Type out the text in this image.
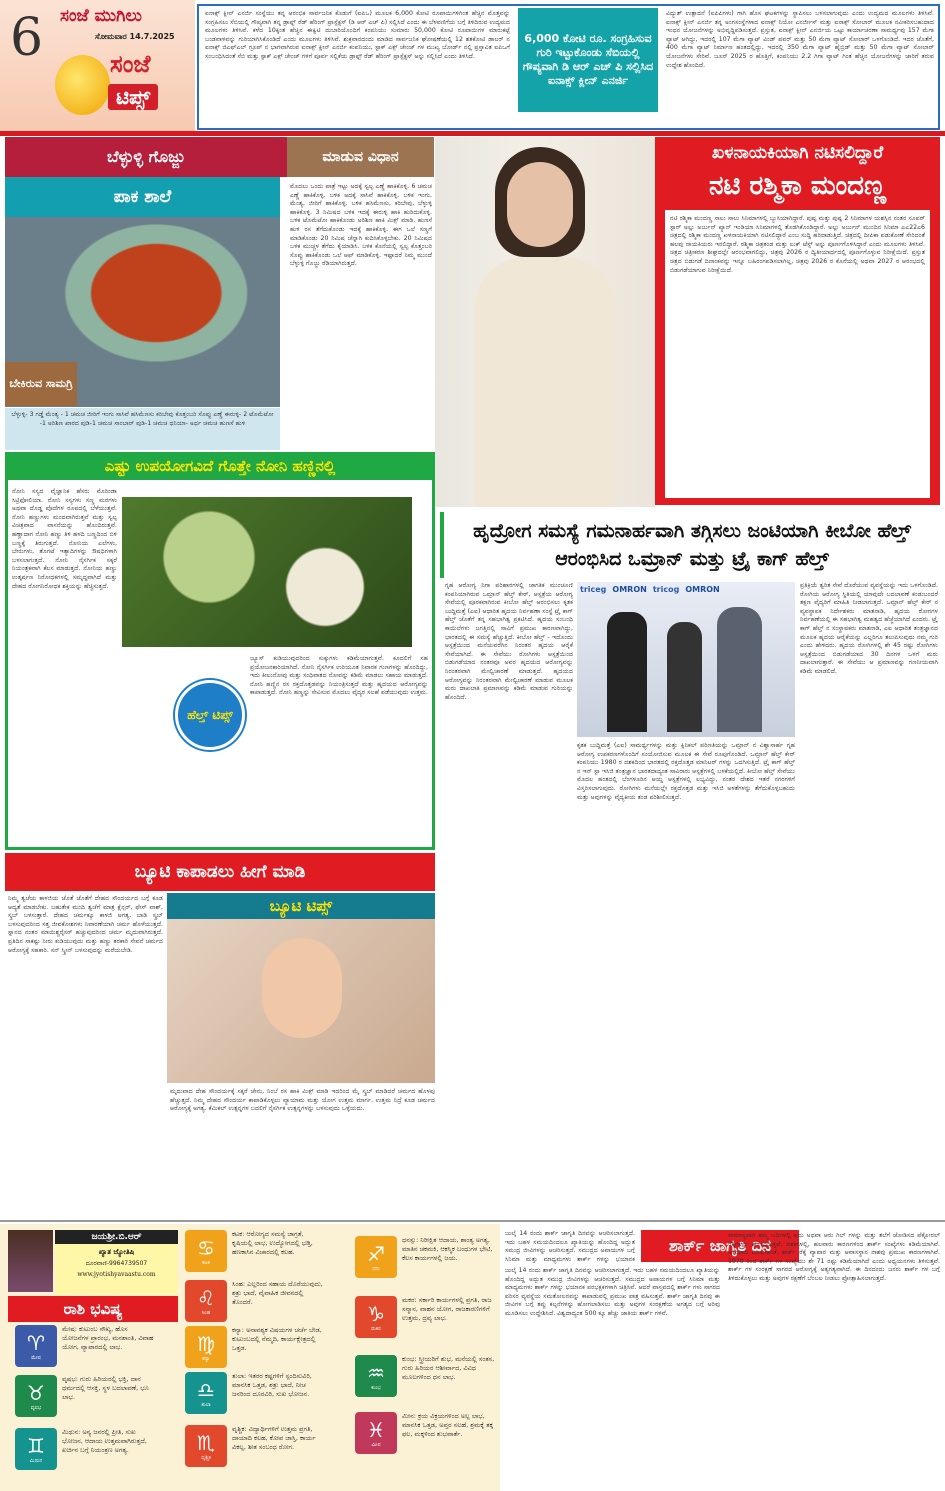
6 ಸಂಜೆ ಮುಗಿಲು
ಸೋಮವಾರ 14.7.2025
ಸಂಜೆ
ಟಿಪ್ಸ್
ಐನಾಕ್ಸ್ ಕ್ಲೀನ್ ಎನರ್ಜಿ ಸಂಸ್ಥೆಯು ತನ್ನ ಆರಂಭಿಕ ಸಾರ್ವಜನಿಕ ಕೊಡುಗೆ (ಐಪಿಒ) ಮೂಲಕ 6,000 ಕೋಟಿ ರೂಪಾಯಿಗಳಿಗಿಂತ ಹೆಚ್ಚಿನ ಮೊತ್ತವನ್ನು ಸಂಗ್ರಹಿಸಲು ಸೆಬಿಯಲ್ಲಿ ಗೌಪ್ಯವಾಗಿ ತನ್ನ ಡ್ರಾಫ್ಟ್ ರೆಡ್ ಹೆರಿಂಗ್ ಪ್ರಾಸ್ಪೆಕ್ಟಸ್ (ಡಿ ಆರ್ ಎಚ್ ಪಿ) ಸಲ್ಲಿಸಿದೆ ಎಂದು ಈ ಬೆಳವಣಿಗೆಯ ಬಗ್ಗೆ ತಿಳಿದಿರುವ ಉದ್ಯಮದ ಮೂಲಗಳು ತಿಳಿಸಿವೆ. ಕಳೆದ 10ಕ್ಕಿಂತ ಹೆಚ್ಚಿನ ಈಕ್ವಿಟಿ ದುಬಾರಿಯೊಂದಿಗೆ ಕಂಪನಿಯು ಸುಮಾರು 50,000 ಕೋಟಿ ರೂಪಾಯಿಗಳ ಮಾರುಕಟ್ಟೆ ಬಂಡವಾಳವನ್ನು ಗುರಿಯಾಗಿಸಿಕೊಂಡಿದೆ ಎಂದು ಮೂಲಗಳು ತಿಳಿಸಿವೆ. ಶುಕ್ರವಾರದಂದು ಮಾಡಿದ ಸಾರ್ವಜನಿಕ ಘೋಷಣೆಯಲ್ಲಿ 12 ಶತಕೋಟಿ ಡಾಲರ್ ನ ಐನಾಕ್ಸ್ ಜಿಎಫ್ಎಲ್ ಗ್ರೂಪ್ ನ ಭಾಗವಾಗಿರುವ ಐನಾಕ್ಸ್ ಕ್ಲೀನ್ ಎನರ್ಜಿ ಕಂಪನಿಯು, ಸ್ಟಾಕ್ ಎಕ್ಸ್ ಚೇಂಜ್ ಗಳ ಮುಖ್ಯ ಬೋರ್ಡ್ ನಲ್ಲಿ ಪ್ರಸ್ತಾವಿತ ಐಪಿಒಗೆ ಸಂಬಂಧಿಸಿದಂತೆ ಸೆಬಿ ಮತ್ತು ಸ್ಟಾಕ್ ಎಕ್ಸ್ ಚೇಂಜ್ ಗಳಿಗೆ ಪೂರ್ವ ಸಲ್ಲಿಕೆಯ ಡ್ರಾಫ್ಟ್ ರೆಡ್ ಹೆರಿಂಗ್ ಪ್ರಾಸ್ಪೆಕ್ಟಸ್ ಅನ್ನು ಸಲ್ಲಿಸಿದೆ ಎಂದು ತಿಳಿಸಿದೆ.
6,000 ಕೋಟಿ ರೂ. ಸಂಗ್ರಹಿಸುವ ಗುರಿ ಇಟ್ಟುಕೊಂಡು ಸೆಬಿಯಲ್ಲಿ ಗೌಪ್ಯವಾಗಿ ಡಿ ಆರ್ ಎಚ್ ಪಿ ಸಲ್ಲಿಸಿದ ಐನಾಕ್ಸ್ ಕ್ಲೀನ್ ಎನರ್ಜಿ
ವಿದ್ಯುತ್ ಉತ್ಪಾದನೆ (ಐಪಿಪಿಗಳು) ಗಾಗಿ ಹೊಸ ಘಟಕಗಳನ್ನು ಸ್ಥಾಪಿಸಲು ಬಳಸಲಾಗುವುದು ಎಂದು ಉದ್ಯಮದ ಮೂಲಗಳು ತಿಳಿಸಿವೆ. ಐನಾಕ್ಸ್ ಕ್ಲೀನ್ ಎನರ್ಜಿ ತನ್ನ ಅಂಗಸಂಸ್ಥೆಗಳಾದ ಐನಾಕ್ಸ್ ನಿಯೋ ಎನರ್ಜೀಸ್ ಮತ್ತು ಐನಾಕ್ಸ್ ಸೋಲಾರ್ ಮೂಲಕ ನವೀಕರಿಸಬಹುದಾದ ಇಂಧನ ಯೋಜನೆಗಳನ್ನು ಅಭಿವೃದ್ಧಿಪಡಿಸುತ್ತದೆ. ಪ್ರಸ್ತುತ, ಐನಾಕ್ಸ್ ಕ್ಲೀನ್ ಎನರ್ಜಿಯ ಒಟ್ಟು ಕಾರ್ಯಾಚರಣಾ ಸಾಮರ್ಥ್ಯವು 157 ಮೆಗಾ ವ್ಯಾಟ್ ಆಗಿದ್ದು, ಇದರಲ್ಲಿ 107 ಮೆಗಾ ವ್ಯಾಟ್ ವಿಂಡ್ ಪವರ್ ಮತ್ತು 50 ಮೆಗಾ ವ್ಯಾಟ್ ಸೋಲಾರ್ ಒಳಗೊಂಡಿದೆ. ಇದರ ಜೊತೆಗೆ, 400 ಮೆಗಾ ವ್ಯಾಟ್ ನಿರ್ಮಾಣ ಹಂತದಲ್ಲಿದ್ದು, ಇದರಲ್ಲಿ 350 ಮೆಗಾ ವ್ಯಾಟ್ ಹೈಬ್ರಿಡ್ ಮತ್ತು 50 ಮೆಗಾ ವ್ಯಾಟ್ ಸೋಲಾರ್ ಯೋಜನೆಗಳು ಸೇರಿವೆ. ಜೂನ್ 2025 ರ ಹೊತ್ತಿಗೆ, ಕಂಪನಿಯು 2.2 ಗಿಗಾ ವ್ಯಾಟ್ ಗಿಂತ ಹೆಚ್ಚಿನ ಯೋಜನೆಗಳನ್ನು ಜಾರಿಗೆ ತರುವ ಉದ್ದೇಶ ಹೊಂದಿದೆ.
ಬೆಳ್ಳುಳ್ಳಿ ಗೊಜ್ಜು	ಮಾಡುವ ವಿಧಾನ
ಪಾಕ ಶಾಲೆ
ಬೇಕಿರುವ ಸಾಮಗ್ರಿ
ಬೆಳ್ಳುಳ್ಳಿ- 3 ಗಡ್ಡೆ ಮೆಂತ್ಯ - 1 ಚಮಚ ಜೀರಿಗೆ ಇಂಗು ಸಾಸಿವೆ ಹಸಿಮೆಣಸು ಕರಿಬೇವು ಕೊತ್ತಂಬರಿ ಸೊಪ್ಪು ಎಣ್ಣೆ ಈರುಳ್ಳಿ- 2 ಟೊಮೆಟೋ -1 ಅರಿಶಿಣ ಖಾರದ ಪುಡಿ-1 ಚಮಚ ಸಾಂಬಾರ್ ಪುಡಿ-1 ಚಮಚ ಧನಿಯಾ- ಅರ್ಧ ಚಮಚ ಹುಣಸೆ ಹುಳಿ
ಮೊದಲು ಒಂದು ಪಾತ್ರೆ ಇಟ್ಟು ಅದಕ್ಕೆ ಸ್ವಲ್ಪ ಎಣ್ಣೆ ಹಾಕಿಕೊಳ್ಳಿ. 6 ಚಮಚ ಎಣ್ಣೆ ಹಾಕಿಕೊಳ್ಳಿ. ಬಳಿಕ ಅದಕ್ಕೆ ಸಾಸಿವೆ ಹಾಕಿಕೊಳ್ಳಿ. ಬಳಿಕ ಇಂಗು, ಮೆಂತ್ಯ, ಜೀರಿಗೆ ಹಾಕಿಕೊಳ್ಳಿ. ಬಳಿಕ ಹಸಿಮೆಣಸು, ಕರಿಬೇವು, ಬೆಳ್ಳುಳ್ಳಿ ಹಾಕಿಕೊಳ್ಳಿ. 3 ನಿಮಿಷದ ಬಳಿಕ ಇದಕ್ಕೆ ಈರುಳ್ಳಿ ಹಾಕಿ ಹುರಿದುಕೊಳ್ಳಿ. ಬಳಿಕ ಟೊಮೆಟೋ ಹಾಕಿಕೊಂಡು ಅರಿಶಿಣ ಹಾಕಿ ಮಿಕ್ಸ್ ಮಾಡಿ. ಹುಣಸೆ ಹುಳಿ ರಸ ತೆಗೆದುಕೊಂಡು ಇದಕ್ಕೆ ಹಾಕಿಕೊಳ್ಳಿ. ಈಗ ಒಲೆ ಸಣ್ಣಗೆ ಮಾಡಿಕೊಂಡು 20 ನಿಮಿಷ ಚೆನ್ನಾಗಿ ಕುದಿಸಿಕೊಳ್ಳಬೇಕು. 20 ನಿಮಿಷದ ಬಳಿಕ ಮುಚ್ಚಳ ತೆಗೆದು ಕೈಯಾಡಿಸಿ. ಬಳಿಕ ಕೊನೆಯಲ್ಲಿ ಸ್ವಲ್ಪ ಕೊತ್ತಂಬರಿ ಸೊಪ್ಪು ಹಾಕಿಕೊಂಡು ಒಲೆ ಆಫ್ ಮಾಡಿಕೊಳ್ಳಿ. ಇಷ್ಟಾದರೆ ನಿಮ್ಮ ಮುಂದೆ ಬೆಳ್ಳುಳ್ಳಿ ಗೊಜ್ಜು ರೆಡಿಯಾಗಿರುತ್ತದೆ.
ಖಳನಾಯಕಿಯಾಗಿ ನಟಿಸಲಿದ್ದಾರೆ
ನಟಿ ರಶ್ಮಿಕಾ ಮಂದಣ್ಣ
ನಟಿ ರಶ್ಮಿಕಾ ಮಂದಣ್ಣ ಸಾಲು ಸಾಲು ಸಿನಿಮಾಗಳಲ್ಲಿ ಬ್ಯುಸಿಯಾಗಿದ್ದಾರೆ. ಪುಷ್ಪ ಮತ್ತು ಪುಷ್ಪ 2 ಸಿನಿಮಾಗಳ ಯಶಸ್ಸಿನ ನಂತರ ಸೂಪರ್ ಸ್ಟಾರ್ ಅಲ್ಲು ಅರ್ಜುನ್ ಪ್ಯಾನ್ ಇಂಡಿಯಾ ಸಿನಿಮಾಗಳಲ್ಲಿ ತೊಡಗಿಕೊಂಡಿದ್ದಾರೆ. ಅಲ್ಲು ಅರ್ಜುನ್ ಮುಂದಿನ ಸಿನಿಮಾ ಎಎ22ಎ6 ಚಿತ್ರದಲ್ಲಿ ರಶ್ಮಿಕಾ ಮಂದಣ್ಣ ಖಳನಾಯಕಿಯಾಗಿ ನಟಿಸಲಿದ್ದಾರೆ ಎಂಬ ಸುದ್ದಿ ಹರಿದಾಡುತ್ತಿದೆ. ಚಿತ್ರದಲ್ಲಿ ದೀಪಿಕಾ ಪಡುಕೋಣೆ ಸೇರಿದಂತೆ ಹಲವು ನಾಯಕಿಯರು ಇರಲಿದ್ದಾರೆ. ರಶ್ಮಿಕಾ ಚಿತ್ರತಂಡ ಮತ್ತು ಲುಕ್ ಟೆಸ್ಟ್ ಅನ್ನು ಪೂರ್ಣಗೊಳಿಸಿದ್ದಾರೆ ಎಂದು ಮೂಲಗಳು ತಿಳಿಸಿವೆ. ಚಿತ್ರದ ಚಿತ್ರೀಕರಣ ಶೀಘ್ರದಲ್ಲೇ ಆರಂಭವಾಗಲಿದ್ದು, ಚಿತ್ರವು 2026 ರ ದ್ವಿತೀಯಾರ್ಧದಲ್ಲಿ ಪೂರ್ಣಗೊಳ್ಳುವ ನಿರೀಕ್ಷೆಯಿದೆ. ಪ್ರಸ್ತುತ ಚಿತ್ರದ ಬಿಡುಗಡೆ ದಿನಾಂಕವನ್ನು ಇನ್ನೂ ಬಹಿರಂಗಪಡಿಸಲಾಗಿಲ್ಲ, ಚಿತ್ರವು 2026 ರ ಕೊನೆಯಲ್ಲಿ ಅಥವಾ 2027 ರ ಆರಂಭದಲ್ಲಿ ಬಿಡುಗಡೆಯಾಗುವ ನಿರೀಕ್ಷೆಯಿದೆ.
ಎಷ್ಟು ಉಪಯೋಗವಿದೆ ಗೊತ್ತೇ ನೋನಿ ಹಣ್ಣಿನಲ್ಲಿ
ನೋನಿ ಸಸ್ಯದ ವೈಜ್ಞಾನಿಕ ಹೆಸರು ಮೊರಿಂಡಾ ಸಿಟ್ರಿಫೋಲಿಯಾ. ನೋನಿ ಸಸ್ಯಗಳು ಸಣ್ಣ ಮರಗಳು ಅಥವಾ ದೊಡ್ಡ ಪೊದೆಗಳ ರೂಪದಲ್ಲಿ ಬೆಳೆಯುತ್ತವೆ. ನೋನಿ ಹಣ್ಣುಗಳು ಮಂದವಾಗಿರುತ್ತವೆ ಮತ್ತು ಸ್ವಲ್ಪ ವಿಚಿತ್ರವಾದ ವಾಸನೆಯನ್ನು ಹೊಂದಿರುತ್ತವೆ. ಹಣ್ಣಾದಾಗ ನೋನಿ ಹಣ್ಣು ತಿಳಿ ಹಳದಿ ಬಣ್ಣದಿಂದ ಬಿಳಿ ಬಣ್ಣಕ್ಕೆ ತಿರುಗುತ್ತದೆ. ನೋನಿಯ ಎಲೆಗಳು, ಬೇರುಗಳು, ತೊಗಟೆ ಇತ್ಯಾದಿಗಳನ್ನು ಔಷಧಿಗಳಾಗಿ ಬಳಸಲಾಗುತ್ತದೆ. ನೋನಿ ನೈಸರ್ಗಿಕ ಸಕ್ಕರೆ ನಿಯಂತ್ರಕವಾಗಿ ಕೆಲಸ ಮಾಡುತ್ತದೆ. ನೋನಿಯ ಹಣ್ಣು ಉತ್ಕರ್ಷಣ ನಿರೋಧಕಗಳಲ್ಲಿ ಸಮೃದ್ಧವಾಗಿದೆ ಮತ್ತು ದೇಹದ ರೋಗನಿರೋಧಕ ಶಕ್ತಿಯನ್ನು ಹೆಚ್ಚಿಸುತ್ತದೆ.
ಹೆಲ್ತ್ ಟಿಪ್ಸ್
ಜ್ಯೂಸ್ ಕುಡಿಯುವುದರಿಂದ ಸುಕ್ಕುಗಳು ಕಡಿಮೆಯಾಗುತ್ತವೆ. ಕೂದಲಿಗೆ ಸಹ ಪ್ರಯೋಜನಕಾರಿಯಾಗಿದೆ. ನೋನಿ ನೈಸರ್ಗಿಕ ಉರಿಯೂತ ನಿವಾರಕ ಗುಣಗಳನ್ನು ಹೊಂದಿದ್ದು, ಇದು ಕೀಲುನೋವು ಮತ್ತು ಸಂಧಿವಾತದ ನೋವನ್ನು ಕಡಿಮೆ ಮಾಡಲು ಸಹಾಯ ಮಾಡುತ್ತದೆ. ನೋನಿ ಹಣ್ಣಿನ ರಸ ರಕ್ತದೊತ್ತಡವನ್ನು ನಿಯಂತ್ರಿಸುತ್ತದೆ ಮತ್ತು ಹೃದಯದ ಆರೋಗ್ಯವನ್ನು ಕಾಪಾಡುತ್ತದೆ. ನೋನಿ ಹಣ್ಣನ್ನು ಸೇವಿಸುವ ಮೊದಲು ವೈದ್ಯರ ಸಲಹೆ ಪಡೆಯುವುದು ಉತ್ತಮ.
ಹೃದ್ರೋಗ ಸಮಸ್ಯೆ ಗಮನಾರ್ಹವಾಗಿ ತಗ್ಗಿಸಲು ಜಂಟಿಯಾಗಿ ಕೀಬೋ ಹೆಲ್ತ್ ಆರಂಭಿಸಿದ ಒಮ್ರಾನ್ ಮತ್ತು ಟ್ರೈ ಕಾಗ್ ಹೆಲ್ತ್
ಗೃಹ ಆರೋಗ್ಯ ನಿಗಾ ಪರಿಹಾರಗಳಲ್ಲಿ ಜಾಗತಿಕ ಮುಂಚೂಣಿ ಕಂಪನಿಯಾಗಿರುವ ಒಮ್ರಾನ್ ಹೆಲ್ತ್ ಕೇರ್, ಆಸ್ಪತ್ರೆಯ ಆರೋಗ್ಯ ಸೇವೆಯಲ್ಲಿ ಪೂರಕವಾಗಿರುವ ಕೀಬೋ ಹೆಲ್ತ್ ಆರಂಭಿಸಲು ಕೃತಕ ಬುದ್ಧಿಮತ್ತೆ (ಎಐ) ಆಧಾರಿತ ಹೃದಯ ನಿರ್ವಹಣಾ ಸಂಸ್ಥೆ ಟ್ರೈ ಕಾಗ್ ಹೆಲ್ತ್ ಜೊತೆಗೆ ತನ್ನ ಸಹಭಾಗಿತ್ವ ಪ್ರಕಟಿಸಿದೆ. ಹೃದಯ ಸಂಬಂಧಿ ಕಾಯಿಲೆಗಳು ಜಗತ್ತಿನಲ್ಲಿ ಸಾವಿಗೆ ಪ್ರಮುಖ ಕಾರಣವಾಗಿದ್ದು, ಭಾರತದಲ್ಲಿ ಈ ಸಮಸ್ಯೆ ಹೆಚ್ಚುತ್ತಿದೆ. ಕೀಬೋ ಹೆಲ್ತ್ - ಇದೊಂದು ಆಸ್ಪತ್ರೆಯಿಂದ ಮನೆಯವರೆಗಿನ ನಿರಂತರ ಹೃದಯ ಆರೈಕೆ ಸೇವೆಯಾಗಿದೆ. ಈ ಸೇವೆಯು ರೋಗಿಗಳು ಆಸ್ಪತ್ರೆಯಿಂದ ಬಿಡುಗಡೆಯಾದ ನಂತರವೂ ಅವರ ಹೃದಯದ ಆರೋಗ್ಯವನ್ನು ನಿರಂತರವಾಗಿ ಮೇಲ್ವಿಚಾರಣೆ ಮಾಡುತ್ತದೆ. ಹೃದಯದ ಆರೋಗ್ಯವನ್ನು ನಿರಂತರವಾಗಿ ಮೇಲ್ವಿಚಾರಣೆ ಮಾಡುವ ಮೂಲಕ ಮರು ದಾಖಲಾತಿ ಪ್ರಮಾಣವನ್ನು ಕಡಿಮೆ ಮಾಡುವ ಗುರಿಯನ್ನು ಹೊಂದಿದೆ.
triceg OMRON tricog OMRON
ಕೃತಕ ಬುದ್ಧಿಮತ್ತೆ (ಎಐ) ಸಾಮರ್ಥ್ಯಗಳನ್ನು ಮತ್ತು ಕ್ಲಿನಿಕಲ್ ಪರಿಣತಿಯನ್ನು ಒಮ್ರಾನ್ ನ ವಿಶ್ವಾಸಾರ್ಹ ಗೃಹ ಆರೋಗ್ಯ ಉಪಕರಣಗಳೊಂದಿಗೆ ಸಂಯೋಜಿಸುವ ಮೂಲಕ ಈ ಸೇವೆ ರೂಪುಗೊಂಡಿದೆ. ಒಮ್ರಾನ್ ಹೆಲ್ತ್ ಕೇರ್ ಕಂಪನಿಯು 1980 ರ ದಶಕದಿಂದ ಭಾರತದಲ್ಲಿ ರಕ್ತದೊತ್ತಡ ಮಾನಿಟರ್ ಗಳನ್ನು ಒದಗಿಸುತ್ತಿದೆ. ಟ್ರೈ ಕಾಗ್ ಹೆಲ್ತ್ ನ ಇನ್ ಸ್ಟಾ ಇಸಿಜಿ ತಂತ್ರಜ್ಞಾನ ಭಾರತದಾದ್ಯಂತ ಸಾವಿರಾರು ಆಸ್ಪತ್ರೆಗಳಲ್ಲಿ ಬಳಕೆಯಲ್ಲಿದೆ. ಕೀಬೋ ಹೆಲ್ತ್ ಸೇವೆಯು ಮೊದಲ ಹಂತದಲ್ಲಿ ಬೆಂಗಳೂರಿನ ಆಯ್ದ ಆಸ್ಪತ್ರೆಗಳಲ್ಲಿ ಲಭ್ಯವಿದ್ದು, ನಂತರ ದೇಶದ ಇತರೆ ನಗರಗಳಿಗೆ ವಿಸ್ತರಿಸಲಾಗುವುದು. ರೋಗಿಗಳು ಮನೆಯಲ್ಲೇ ರಕ್ತದೊತ್ತಡ ಮತ್ತು ಇಸಿಜಿ ಅಳತೆಗಳನ್ನು ತೆಗೆದುಕೊಳ್ಳಬಹುದು ಮತ್ತು ಅವುಗಳನ್ನು ವೈದ್ಯಕೀಯ ತಂಡ ಪರಿಶೀಲಿಸುತ್ತದೆ.
ಪ್ರತಿಕ್ರಿಯೆ ತ್ವರಿತ ಸೇವೆ ದೊರೆಯುವ ವ್ಯವಸ್ಥೆಯನ್ನು ಇದು ಒಳಗೊಂಡಿದೆ. ರೋಗಿಯ ಆರೋಗ್ಯ ಸ್ಥಿತಿಯಲ್ಲಿ ಯಾವುದೇ ಬದಲಾವಣೆ ಕಂಡುಬಂದರೆ ತಕ್ಷಣ ವೈದ್ಯರಿಗೆ ಮಾಹಿತಿ ನೀಡಲಾಗುತ್ತದೆ. ಒಮ್ರಾನ್ ಹೆಲ್ತ್ ಕೇರ್ ನ ವ್ಯವಸ್ಥಾಪಕ ನಿರ್ದೇಶಕರು ಮಾತನಾಡಿ, ಹೃದಯ ರೋಗಗಳ ನಿರ್ವಹಣೆಯಲ್ಲಿ ಈ ಸಹಭಾಗಿತ್ವ ಮಹತ್ವದ ಹೆಜ್ಜೆಯಾಗಿದೆ ಎಂದರು. ಟ್ರೈ ಕಾಗ್ ಹೆಲ್ತ್ ನ ಸಂಸ್ಥಾಪಕರು ಮಾತನಾಡಿ, ಎಐ ಆಧಾರಿತ ತಂತ್ರಜ್ಞಾನದ ಮೂಲಕ ಹೃದಯ ಆರೈಕೆಯನ್ನು ಎಲ್ಲರಿಗೂ ತಲುಪಿಸುವುದು ನಮ್ಮ ಗುರಿ ಎಂದು ಹೇಳಿದರು. ಹೃದಯ ರೋಗಿಗಳಲ್ಲಿ ಶೇ 45 ರಷ್ಟು ರೋಗಿಗಳು ಆಸ್ಪತ್ರೆಯಿಂದ ಬಿಡುಗಡೆಯಾದ 30 ದಿನಗಳ ಒಳಗೆ ಮರು ದಾಖಲಾಗುತ್ತಾರೆ. ಈ ಸೇವೆಯು ಆ ಪ್ರಮಾಣವನ್ನು ಗಣನೀಯವಾಗಿ ಕಡಿಮೆ ಮಾಡಲಿದೆ.
ಬ್ಯೂಟಿ ಕಾಪಾಡಲು ಹೀಗೆ ಮಾಡಿ
ನಿಮ್ಮ ತ್ವಚೆಯ ಕಾಳಜಿಯ ಜೊತೆ ಜೊತೆಗೆ ದೇಹದ ಸೌಂದರ್ಯದ ಬಗ್ಗೆ ಕೂಡ ಆದ್ಯತೆ ಮಾಡಬೇಕು. ಬಹುತೇಕ ಮಂದಿ ತ್ವಚೆಗೆ ಮಾತ್ರ ಕ್ಲೆನ್ಸರ್, ಫೇಸ್ ವಾಶ್, ಸ್ಕ್ರಬ್ ಬಳಸುತ್ತಾರೆ. ದೇಹದ ಚರ್ಮಕ್ಕೂ ಕಾಳಜಿ ಅಗತ್ಯ. ಬಾಡಿ ಸ್ಕ್ರಬ್ ಬಳಸುವುದರಿಂದ ಸತ್ತ ಜೀವಕೋಶಗಳು ನಿವಾರಣೆಯಾಗಿ ಚರ್ಮ ಹೊಳೆಯುತ್ತದೆ. ಸ್ನಾನದ ನಂತರ ಮಾಯಿಶ್ಚರೈಸರ್ ಹಚ್ಚುವುದರಿಂದ ಚರ್ಮ ಮೃದುವಾಗಿರುತ್ತದೆ. ಪ್ರತಿದಿನ ಸಾಕಷ್ಟು ನೀರು ಕುಡಿಯುವುದು ಮತ್ತು ಹಣ್ಣು ತರಕಾರಿ ಸೇವನೆ ಚರ್ಮದ ಆರೋಗ್ಯಕ್ಕೆ ಸಹಕಾರಿ. ಸನ್ ಸ್ಕ್ರೀನ್ ಬಳಸುವುದನ್ನು ಮರೆಯಬೇಡಿ.
ಬ್ಯೂಟಿ ಟಿಪ್ಸ್
ಮೃದುವಾದ ದೇಹ ಸೌಂದರ್ಯಕ್ಕೆ ಸಕ್ಕರೆ ಜೇನು, ನಿಂಬೆ ರಸ ಹಾಕಿ ಮಿಕ್ಸ್ ಮಾಡಿ ಇದರಿಂದ ಮೈ ಸ್ಕ್ರಬ್ ಮಾಡಿದರೆ ಚರ್ಮದ ಹೊಳಪು ಹೆಚ್ಚುತ್ತದೆ. ನಿಮ್ಮ ದೇಹದ ಸೌಂದರ್ಯ ಕಾಪಾಡಿಕೊಳ್ಳಲು ವ್ಯಾಯಾಮ ಮತ್ತು ಯೋಗ ಉತ್ತಮ ಮಾರ್ಗ. ಉತ್ತಮ ನಿದ್ರೆ ಕೂಡ ಚರ್ಮದ ಆರೋಗ್ಯಕ್ಕೆ ಅಗತ್ಯ. ಕೆಮಿಕಲ್ ಉತ್ಪನ್ನಗಳ ಬದಲಿಗೆ ನೈಸರ್ಗಿಕ ಉತ್ಪನ್ನಗಳನ್ನು ಬಳಸುವುದು ಒಳ್ಳೆಯದು.
ಜಯಶ್ರೀ.ಬಿ.ಆರ್
ಖ್ಯಾತ ಜ್ಯೋತಿಷಿ
ದೂರವಾಣಿ-9964739507
www.jyotishyavaastu.com
ರಾಶಿ ಭವಿಷ್ಯ
♈
ಮೇಷ
ಮೇಷ: ಕುಟುಂಬ ಸೌಖ್ಯ, ಹೊಸ ಯೋಜನೆಗಳ ಪ್ರಾರಂಭ, ಮನಶಾಂತಿ, ವಿವಾಹ ಯೋಗ, ವ್ಯಾಪಾರದಲ್ಲಿ ಲಾಭ.
♉
ವೃಷಭ
ವೃಷಭ: ಗುರು ಹಿರಿಯರಲ್ಲಿ ಭಕ್ತಿ, ದಾನ ಧರ್ಮದಲ್ಲಿ ಆಸಕ್ತಿ, ಸ್ಥಳ ಬದಲಾವಣೆ, ಭೂ ಲಾಭ.
♊
ಮಿಥುನ
ಮಿಥುನ: ಅನ್ಯ ಜನರಲ್ಲಿ ಪ್ರೀತಿ, ಸುಖ ಭೋಜನ, ಆದಾಯ ಉತ್ತಮವಾಗಿರುತ್ತದೆ, ಖರ್ಚಿನ ಬಗ್ಗೆ ನಿಯಂತ್ರಣ ಅಗತ್ಯ.
♋
ಕಟಕ
ಕಟಕ: ಆರೋಗ್ಯದ ಸಮಸ್ಯೆ ಜಾಗ್ರತೆ, ಕೃಷಿಯಲ್ಲಿ ಲಾಭ, ಉದ್ಯೋಗದಲ್ಲಿ ಭಡ್ತಿ, ಹಣಕಾಸಿನ ವಿಚಾರದಲ್ಲಿ ಕಲಹ.
♌
ಸಿಂಹ
ಸಿಂಹ: ಎಲ್ಲರಿಂದ ಸಹಾಯ ದೊರೆಯುವುದು, ಶತ್ರು ಭಾದೆ, ವೈವಾಹಿಕ ಜೀವನದಲ್ಲಿ ತೊಂದರೆ.
♍
ಕನ್ಯಾ
ಕನ್ಯಾ: ಅನಾವಶ್ಯಕ ವಿಷಯಗಳ ಚರ್ಚೆ ಬೇಡ, ಕುಟುಂಬದಲ್ಲಿ ನೆಮ್ಮದಿ, ಕಾರ್ಯಕ್ಷೇತ್ರದಲ್ಲಿ ಒತ್ತಡ.
♎
ತುಲಾ
ತುಲಾ: ಇತರರ ಕಷ್ಟಗಳಿಗೆ ಸ್ಪಂದಿಸುವಿರಿ, ಮಾನಸಿಕ ಒತ್ತಡ, ಶತ್ರು ಭಾದೆ, ನೀಚ ಜನರಿಂದ ದೂರವಿರಿ, ಸುಖ ಭೋಜನ.
♏
ವೃಶ್ಚಿಕ
ವೃಶ್ಚಿಕ: ವಿದ್ಯಾರ್ಥಿಗಳಿಗೆ ಉತ್ತಮ ಪ್ರಗತಿ, ದಾಯಾದಿ ಕಲಹ, ಕೋಪ ಜಾಸ್ತಿ, ಕಾರ್ಯ ವಿಕಲ್ಪ, ಶೀತ ಸಂಬಂಧ ರೋಗ.
♐
ಧನು
ಧನಸ್ಸು: ನಿರೀಕ್ಷಿತ ಆದಾಯ, ಶಾಂತ್ಯ ಅಗತ್ಯ, ಮಾತಿನ ಚಕಮಕಿ, ಆಕಸ್ಮಿಕ ಬಂಧುಗಳ ಭೇಟಿ, ಕೆಲಸ ಕಾರ್ಯಗಳಲ್ಲಿ ಜಯ.
♑
ಮಕರ
ಮಕರ: ಸರ್ಕಾರಿ ಕಾರ್ಯಗಳಲ್ಲಿ ಪ್ರಗತಿ, ರಾಜ ಸನ್ಮಾನ, ವಾಹನ ಯೋಗ, ರಾಜಕಾರಣಿಗಳಿಗೆ ಉತ್ತಮ, ದ್ರವ್ಯ ಲಾಭ.
♒
ಕುಂಭ
ಕುಂಭ: ಸ್ತ್ರೀಯರಿಗೆ ಶುಭ, ಮನೆಯಲ್ಲಿ ಸಂತಸ, ಗುರು ಹಿರಿಯರ ಆಶೀರ್ವಾದ, ವಿವಿಧ ಮೂಲಗಳಿಂದ ಧನ ಲಾಭ.
♓
ಮೀನ
ಮೀನ: ಕ್ರಯ ವಿಕ್ರಯಗಳಿಂದ ಅಲ್ಪ ಲಾಭ, ಮಾನಸಿಕ ಒತ್ತಡ, ಅಪ್ತರ ಸಲಹೆ, ಶ್ರಮಕ್ಕೆ ತಕ್ಕ ಫಲ, ಮಕ್ಕಳಿಂದ ಶುಭವಾರ್ತೆ.
ಜುಲೈ 14 ರಂದು ಶಾರ್ಕ್ ಜಾಗೃತಿ ದಿನವನ್ನು ಆಚರಿಸಲಾಗುತ್ತದೆ. ಇದು ಬಹಳ ಸಮಯದಿಂದಲೂ ಖ್ಯಾತಿಯನ್ನು ಹೊಂದಿದ್ದ ಅದ್ಭುತ ಸಮುದ್ರ ಜೀವಿಗಳನ್ನು ಆಚರಿಸುತ್ತದೆ. ಸಮುದ್ರದ ಅಪಾಯಗಳ ಬಗ್ಗೆ ಸಿನಿಮಾ ಮತ್ತು ಮಾಧ್ಯಮಗಳು ಶಾರ್ಕ್ ಗಳನ್ನು ಭಯಾನಕ
ಶಾರ್ಕ್ ಜಾಗೃತಿ ದಿನ
ಜುಲೈ 14 ರಂದು ಶಾರ್ಕ್ ಜಾಗೃತಿ ದಿನವನ್ನು ಆಚರಿಸಲಾಗುತ್ತದೆ. ಇದು ಬಹಳ ಸಮಯದಿಂದಲೂ ಖ್ಯಾತಿಯನ್ನು ಹೊಂದಿದ್ದ ಅದ್ಭುತ ಸಮುದ್ರ ಜೀವಿಗಳನ್ನು ಆಚರಿಸುತ್ತದೆ. ಸಮುದ್ರದ ಅಪಾಯಗಳ ಬಗ್ಗೆ ಸಿನಿಮಾ ಮತ್ತು ಮಾಧ್ಯಮಗಳು ಶಾರ್ಕ್ ಗಳನ್ನು ಭಯಾನಕ ಪರಭಕ್ಷಕಗಳಾಗಿ ಚಿತ್ರಿಸಿವೆ. ಆದರೆ ವಾಸ್ತವದಲ್ಲಿ ಶಾರ್ಕ್ ಗಳು ಸಾಗರದ ಪರಿಸರ ವ್ಯವಸ್ಥೆಯ ಸಮತೋಲನವನ್ನು ಕಾಪಾಡುವಲ್ಲಿ ಪ್ರಮುಖ ಪಾತ್ರ ವಹಿಸುತ್ತವೆ. ಶಾರ್ಕ್ ಜಾಗೃತಿ ದಿನವು ಈ ಜೀವಿಗಳ ಬಗ್ಗೆ ತಪ್ಪು ಕಲ್ಪನೆಗಳನ್ನು ಹೋಗಲಾಡಿಸಲು ಮತ್ತು ಅವುಗಳ ಸಂರಕ್ಷಣೆಯ ಅಗತ್ಯದ ಬಗ್ಗೆ ಅರಿವು ಮೂಡಿಸಲು ಉದ್ದೇಶಿಸಿದೆ. ವಿಶ್ವದಾದ್ಯಂತ 500 ಕ್ಕೂ ಹೆಚ್ಚು ಜಾತಿಯ ಶಾರ್ಕ್ ಗಳಿವೆ.
ಸಾಮಾನ್ಯವಾಗಿ ತಮ್ಮ ಬದಿಗಳಲ್ಲಿ ಐದು ಅಥವಾ ಆರು ಗಿಲ್ ಗಳನ್ನು ಮತ್ತು ತಲೆಗೆ ಜೋಡಿಸದ ಪೆಕ್ಟೋರಲ್ ರೆಕ್ಕೆಗಳನ್ನು ಹೊಂದಿರುತ್ತವೆ. ದಶಕಗಳಲ್ಲಿ, ಹಲವಾರು ಕಾರಣಗಳಿಂದ ಶಾರ್ಕ್ ಸಂಖ್ಯೆಗಳು ಕಡಿಮೆಯಾಗಿವೆ. ಅತಿಯಾದ ಮೀನುಗಾರಿಕೆ, ಶಾರ್ಕ್ ರೆಕ್ಕೆ ವ್ಯಾಪಾರ ಮತ್ತು ಆವಾಸಸ್ಥಾನ ನಾಶವು ಪ್ರಮುಖ ಕಾರಣಗಳಾಗಿವೆ. 1970 ರಿಂದ ಶಾರ್ಕ್ ಗಳ ಸಂಖ್ಯೆಯು ಶೇ 71 ರಷ್ಟು ಕಡಿಮೆಯಾಗಿದೆ ಎಂದು ಅಧ್ಯಯನಗಳು ತಿಳಿಸುತ್ತವೆ. ಶಾರ್ಕ್ ಗಳ ಸಂರಕ್ಷಣೆ ಸಾಗರದ ಆರೋಗ್ಯಕ್ಕೆ ಅತ್ಯಗತ್ಯವಾಗಿದೆ. ಈ ದಿನದಂದು ಜನರು ಶಾರ್ಕ್ ಗಳ ಬಗ್ಗೆ ತಿಳಿದುಕೊಳ್ಳಲು ಮತ್ತು ಅವುಗಳ ರಕ್ಷಣೆಗೆ ಬೆಂಬಲ ನೀಡಲು ಪ್ರೋತ್ಸಾಹಿಸಲಾಗುತ್ತದೆ.
